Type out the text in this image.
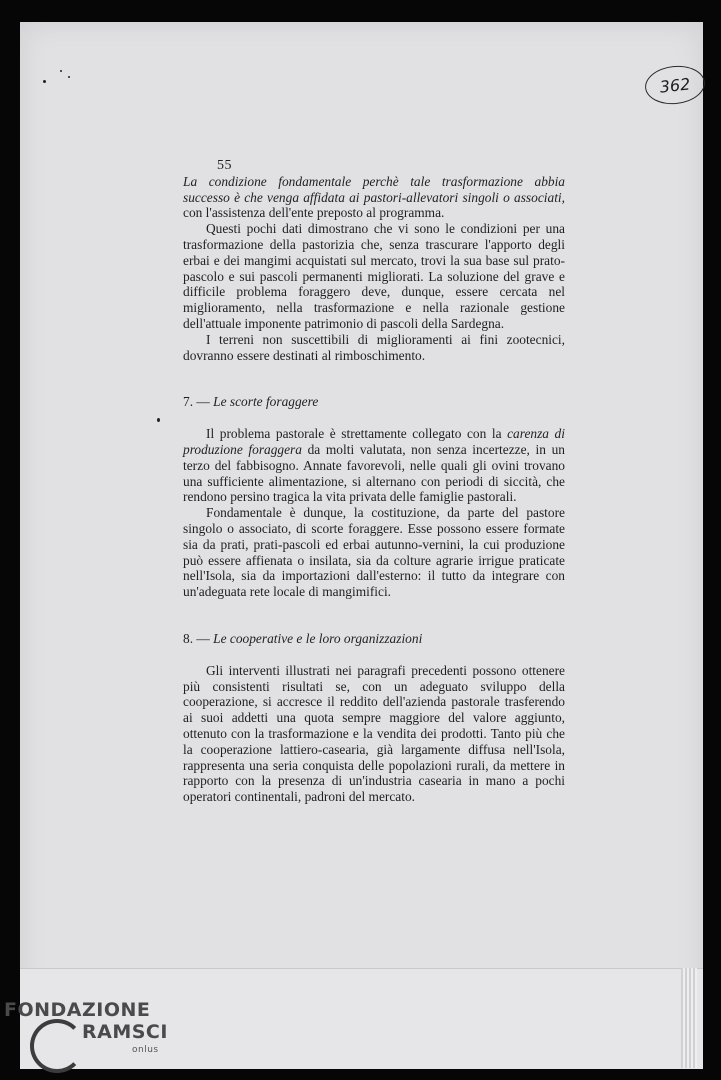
362
55

La condizione fondamentale perchè tale trasformazione abbia successo è che venga affidata ai pastori-allevatori singoli o associati, con l'assistenza dell'ente preposto al programma.

Questi pochi dati dimostrano che vi sono le condizioni per una trasformazione della pastorizia che, senza trascurare l'apporto degli erbai e dei mangimi acquistati sul mercato, trovi la sua base sul prato-pascolo e sui pascoli permanenti migliorati. La soluzione del grave e difficile problema foraggero deve, dunque, essere cercata nel miglioramento, nella trasformazione e nella razionale gestione dell'attuale imponente patrimonio di pascoli della Sardegna.

I terreni non suscettibili di miglioramenti ai fini zootecnici, dovranno essere destinati al rimboschimento.

7. — Le scorte foraggere

Il problema pastorale è strettamente collegato con la carenza di produzione foraggera da molti valutata, non senza incertezze, in un terzo del fabbisogno. Annate favorevoli, nelle quali gli ovini trovano una sufficiente alimentazione, si alternano con periodi di siccità, che rendono persino tragica la vita privata delle famiglie pastorali.

Fondamentale è dunque, la costituzione, da parte del pastore singolo o associato, di scorte foraggere. Esse possono essere formate sia da prati, prati-pascoli ed erbai autunno-vernini, la cui produzione può essere affienata o insilata, sia da colture agrarie irrigue praticate nell'Isola, sia da importazioni dall'esterno: il tutto da integrare con un'adeguata rete locale di mangimifici.

8. — Le cooperative e le loro organizzazioni

Gli interventi illustrati nei paragrafi precedenti possono ottenere più consistenti risultati se, con un adeguato sviluppo della cooperazione, si accresce il reddito dell'azienda pastorale trasferendo ai suoi addetti una quota sempre maggiore del valore aggiunto, ottenuto con la trasformazione e la vendita dei prodotti. Tanto più che la cooperazione lattiero-casearia, già largamente diffusa nell'Isola, rappresenta una seria conquista delle popolazioni rurali, da mettere in rapporto con la presenza di un'industria casearia in mano a pochi operatori continentali, padroni del mercato.

FONDAZIONE
RAMSCI
onlus
